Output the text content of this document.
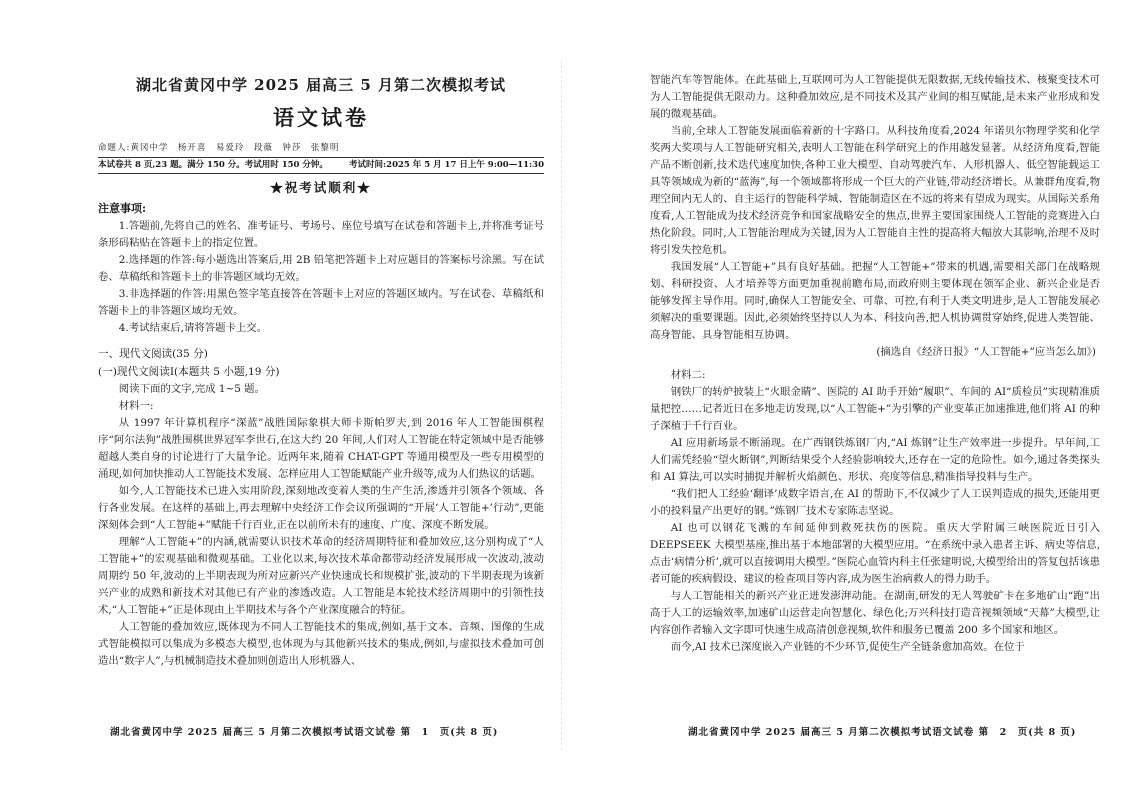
湖北省黄冈中学 2025 届高三 5 月第二次模拟考试
语文试卷
命题人:黄冈中学　杨开喜　易爱玲　段薇　钟莎　张黎明
本试卷共 8 页,23 题。满分 150 分。考试用时 150 分钟。 考试时间:2025 年 5 月 17 日上午 9:00—11:30
★祝考试顺利★
注意事项:

1.答题前,先将自己的姓名、准考证号、考场号、座位号填写在试卷和答题卡上,并将准考证号条形码粘贴在答题卡上的指定位置。

2.选择题的作答:每小题选出答案后,用 2B 铅笔把答题卡上对应题目的答案标号涂黑。写在试卷、草稿纸和答题卡上的非答题区域均无效。

3.非选择题的作答:用黑色签字笔直接答在答题卡上对应的答题区域内。写在试卷、草稿纸和答题卡上的非答题区域均无效。

4.考试结束后,请将答题卡上交。

一、现代文阅读(35 分)
(一)现代文阅读Ⅰ(本题共 5 小题,19 分)

阅读下面的文字,完成 1~5 题。

材料一:

从 1997 年计算机程序“深蓝”战胜国际象棋大师卡斯帕罗夫,到 2016 年人工智能围棋程序“阿尔法狗”战胜围棋世界冠军李世石,在这大约 20 年间,人们对人工智能在特定领域中是否能够超越人类自身的讨论进行了大量争论。近两年来,随着 CHAT-GPT 等通用模型及一些专用模型的涌现,如何加快推动人工智能技术发展、怎样应用人工智能赋能产业升级等,成为人们热议的话题。

如今,人工智能技术已进入实用阶段,深刻地改变着人类的生产生活,渗透并引领各个领域、各行各业发展。在这样的基础上,再去理解中央经济工作会议所强调的“开展‘人工智能+’行动”,更能深刻体会到“人工智能+”赋能千行百业,正在以前所未有的速度、广度、深度不断发展。

理解“人工智能+”的内涵,就需要认识技术革命的经济周期特征和叠加效应,这分别构成了“人工智能+”的宏观基础和微观基础。工业化以来,每次技术革命都带动经济发展形成一次波动,波动周期约 50 年,波动的上半期表现为所对应新兴产业快速成长和规模扩张,波动的下半期表现为该新兴产业的成熟和新技术对其他已有产业的渗透改造。人工智能是本轮技术经济周期中的引领性技术,“人工智能+”正是体现由上半期技术与各个产业深度融合的特征。

人工智能的叠加效应,既体现为不同人工智能技术的集成,例如,基于文本、音频、图像的生成式智能模拟可以集成为多模态大模型,也体现为与其他新兴技术的集成,例如,与虚拟技术叠加可创造出“数字人”,与机械制造技术叠加则创造出人形机器人、

湖北省黄冈中学 2025 届高三 5 月第二次模拟考试语文试卷 第　1　页(共 8 页)

智能汽车等智能体。在此基础上,互联网可为人工智能提供无限数据,无线传输技术、核聚变技术可为人工智能提供无限动力。这种叠加效应,是不同技术及其产业间的相互赋能,是未来产业形成和发展的微观基础。

当前,全球人工智能发展面临着新的十字路口。从科技角度看,2024 年诺贝尔物理学奖和化学奖两大奖项与人工智能研究相关,表明人工智能在科学研究上的作用越发显著。从经济角度看,智能产品不断创新,技术迭代速度加快,各种工业大模型、自动驾驶汽车、人形机器人、低空智能载运工具等领域成为新的“蓝海”,每一个领域都将形成一个巨大的产业链,带动经济增长。从兼群角度看,物理空间内无人的、自主运行的智能科学城、智能制造区在不远的将来有望成为现实。从国际关系角度看,人工智能成为技术经济竞争和国家战略安全的焦点,世界主要国家围绕人工智能的竞赛进入白热化阶段。同时,人工智能治理成为关键,因为人工智能自主性的提高将大幅放大其影响,治理不及时将引发失控危机。

我国发展“人工智能+”具有良好基础。把握“人工智能+”带来的机遇,需要相关部门在战略规划、科研投资、人才培养等方面更加重视前瞻布局,而政府则主要体现在领军企业、新兴企业是否能够发挥主导作用。同时,确保人工智能安全、可靠、可控,有利于人类文明进步,是人工智能发展必须解决的重要课题。因此,必须始终坚持以人为本、科技向善,把人机协调贯穿始终,促进人类智能、高身智能、具身智能相互协调。

(摘选自《经济日报》“人工智能+”应当怎么加》)

材料二:

钢铁厂的转炉披装上“火眼金睛”、医院的 AI 助手开始“履职”、车间的 AI“质检员”实现精准质量把控……记者近日在多地走访发现,以“人工智能+”为引擎的产业变革正加速推进,他们将 AI 的种子深植于千行百业。

AI 应用新场景不断涌现。在广西钢铁炼钢厂内,“AI 炼钢”让生产效率进一步提升。早年间,工人们需凭经验“望火断钢”,判断结果受个人经验影响较大,还存在一定的危险性。如今,通过各类探头和 AI 算法,可以实时捕捉并解析火焰颜色、形状、亮度等信息,精准指导投料与生产。

“我们把人工经验‘翻译’成数字语言,在 AI 的帮助下,不仅减少了人工误判造成的损失,还能用更小的投料量产出更好的钢。”炼钢厂技术专家陈志坚说。

AI 也可以钢花飞溅的车间延伸到救死扶伤的医院。重庆大学附属三峡医院近日引入 DEEPSEEK 大模型基座,推出基于本地部署的大模型应用。“在系统中录入患者主诉、病史等信息,点击‘病情分析’,就可以直接调用大模型。”医院心血管内科主任张建明说,大模型给出的答复包括该患者可能的疾病假设、建议的检查项目等内容,成为医生治病救人的得力助手。

与人工智能相关的新兴产业正迸发澎湃动能。在湖南,研发的无人驾驶矿卡在多地矿山“跑”出高于人工的运输效率,加速矿山运营走向智慧化、绿色化;万兴科技打造音视频领域“天幕”大模型,让内容创作者输入文字即可快速生成高清创意视频,软件和服务已覆盖 200 多个国家和地区。

而今,AI 技术已深度嵌入产业链的不少环节,促使生产全链条愈加高效。在位于

湖北省黄冈中学 2025 届高三 5 月第二次模拟考试语文试卷 第　2　页(共 8 页)
